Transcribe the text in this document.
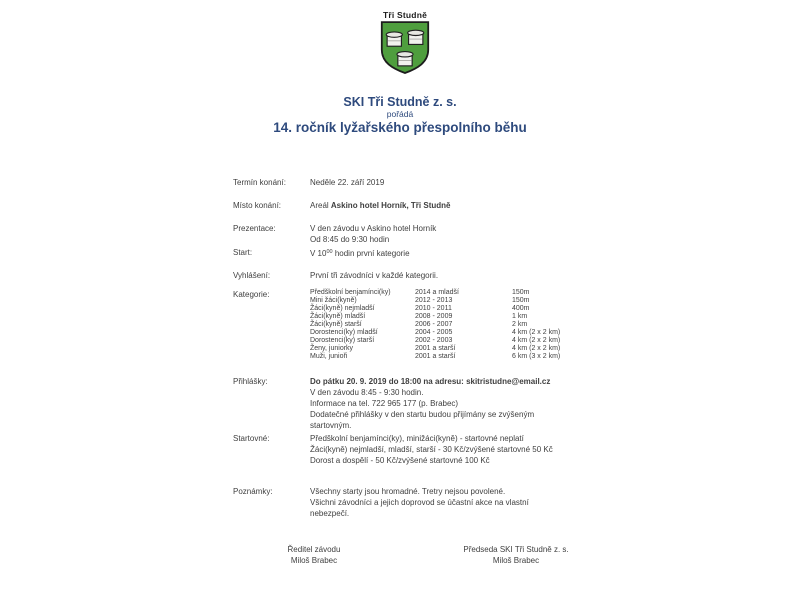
Tři Studně
SKI Tři Studně z. s.
pořádá
14. ročník lyžařského přespolního běhu
Termín konání:	Neděle 22. září 2019
Místo konání:	Areál Askino hotel Horník, Tři Studně
Prezentace:	V den závodu v Askino hotel Horník
Od 8:45 do 9:30 hodin
Start:	V $10^{00}$ hodin první kategorie
Vyhlášení:	První tři závodníci v každé kategorii.
Kategorie:	Předškolní benjamínci(ky)	2014 a mladší	150m
Mini žáci(kyně)	2012 - 2013	150m
Žáci(kyně) nejmladší	2010 - 2011	400m
Žáci(kyně) mladší	2008 - 2009	1 km
Žáci(kyně) starší	2006 - 2007	2 km
Dorostenci(ky) mladší	2004 - 2005	4 km (2 x 2 km)
Dorostenci(ky) starší	2002 - 2003	4 km (2 x 2 km)
Ženy, juniorky	2001 a starší	4 km (2 x 2 km)
Muži, junioři	2001 a starší	6 km (3 x 2 km)
Přihlášky:	Do pátku 20. 9. 2019 do 18:00 na adresu: skitristudne@email.cz
V den závodu 8:45 - 9:30 hodin.
Informace na tel. 722 965 177 (p. Brabec)
Dodatečné přihlášky v den startu budou přijímány se zvýšeným
startovným.
Startovné:	Předškolní benjamínci(ky), minižáci(kyně) - startovné neplatí
Žáci(kyně) nejmladší, mladší, starší - 30 Kč/zvýšené startovné 50 Kč
Dorost a dospělí - 50 Kč/zvýšené startovné 100 Kč
Poznámky:	Všechny starty jsou hromadné. Tretry nejsou povolené.
Všichni závodníci a jejich doprovod se účastní akce na vlastní
nebezpečí.
Ředitel závodu
Miloš Brabec
Předseda SKI Tři Studně z. s.
Miloš Brabec
